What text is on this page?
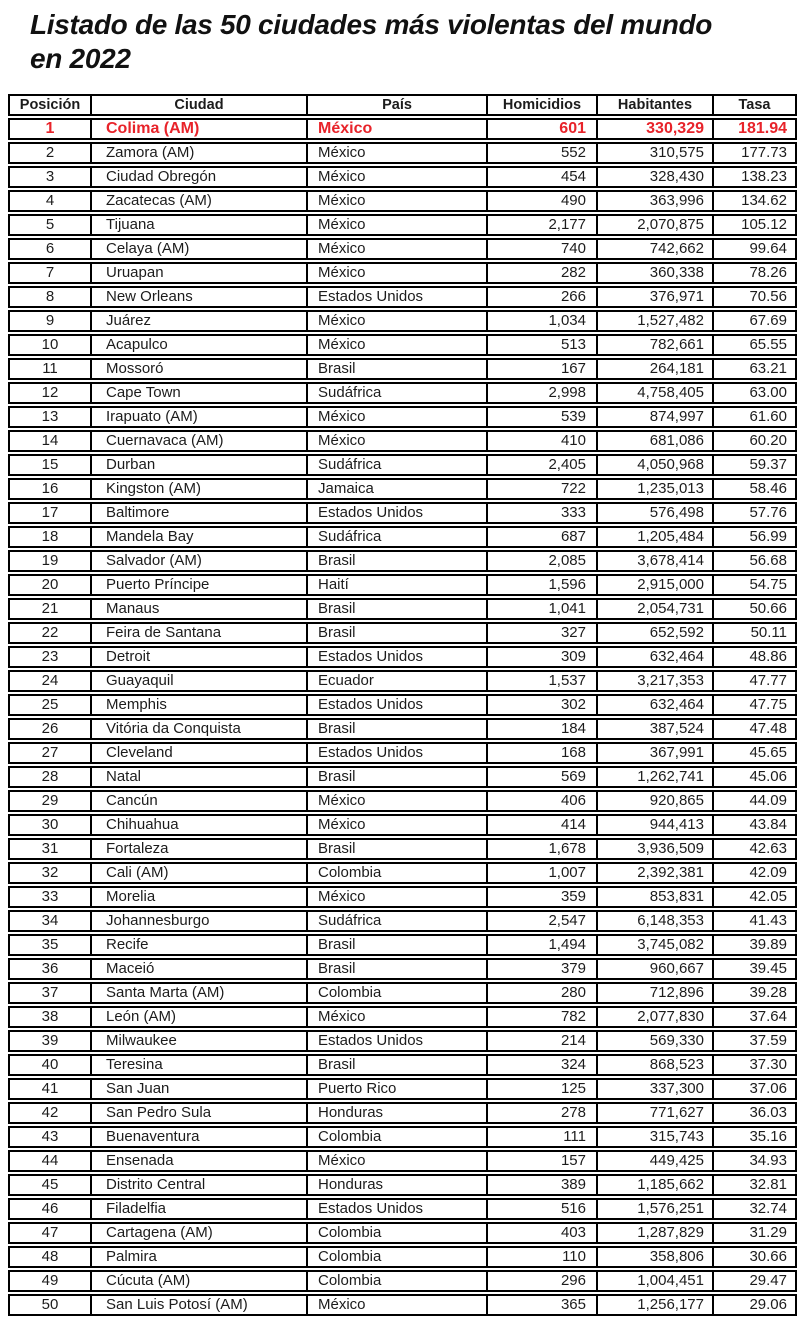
Listado de las 50 ciudades más violentas del mundo
en 2022
Posición	Ciudad	País	Homicidios	Habitantes	Tasa
1	Colima (AM)	México	601	330,329	181.94
2	Zamora (AM)	México	552	310,575	177.73
3	Ciudad Obregón	México	454	328,430	138.23
4	Zacatecas (AM)	México	490	363,996	134.62
5	Tijuana	México	2,177	2,070,875	105.12
6	Celaya (AM)	México	740	742,662	99.64
7	Uruapan	México	282	360,338	78.26
8	New Orleans	Estados Unidos	266	376,971	70.56
9	Juárez	México	1,034	1,527,482	67.69
10	Acapulco	México	513	782,661	65.55
11	Mossoró	Brasil	167	264,181	63.21
12	Cape Town	Sudáfrica	2,998	4,758,405	63.00
13	Irapuato (AM)	México	539	874,997	61.60
14	Cuernavaca (AM)	México	410	681,086	60.20
15	Durban	Sudáfrica	2,405	4,050,968	59.37
16	Kingston (AM)	Jamaica	722	1,235,013	58.46
17	Baltimore	Estados Unidos	333	576,498	57.76
18	Mandela Bay	Sudáfrica	687	1,205,484	56.99
19	Salvador (AM)	Brasil	2,085	3,678,414	56.68
20	Puerto Príncipe	Haití	1,596	2,915,000	54.75
21	Manaus	Brasil	1,041	2,054,731	50.66
22	Feira de Santana	Brasil	327	652,592	50.11
23	Detroit	Estados Unidos	309	632,464	48.86
24	Guayaquil	Ecuador	1,537	3,217,353	47.77
25	Memphis	Estados Unidos	302	632,464	47.75
26	Vitória da Conquista	Brasil	184	387,524	47.48
27	Cleveland	Estados Unidos	168	367,991	45.65
28	Natal	Brasil	569	1,262,741	45.06
29	Cancún	México	406	920,865	44.09
30	Chihuahua	México	414	944,413	43.84
31	Fortaleza	Brasil	1,678	3,936,509	42.63
32	Cali (AM)	Colombia	1,007	2,392,381	42.09
33	Morelia	México	359	853,831	42.05
34	Johannesburgo	Sudáfrica	2,547	6,148,353	41.43
35	Recife	Brasil	1,494	3,745,082	39.89
36	Maceió	Brasil	379	960,667	39.45
37	Santa Marta (AM)	Colombia	280	712,896	39.28
38	León (AM)	México	782	2,077,830	37.64
39	Milwaukee	Estados Unidos	214	569,330	37.59
40	Teresina	Brasil	324	868,523	37.30
41	San Juan	Puerto Rico	125	337,300	37.06
42	San Pedro Sula	Honduras	278	771,627	36.03
43	Buenaventura	Colombia	111	315,743	35.16
44	Ensenada	México	157	449,425	34.93
45	Distrito Central	Honduras	389	1,185,662	32.81
46	Filadelfia	Estados Unidos	516	1,576,251	32.74
47	Cartagena (AM)	Colombia	403	1,287,829	31.29
48	Palmira	Colombia	110	358,806	30.66
49	Cúcuta (AM)	Colombia	296	1,004,451	29.47
50	San Luis Potosí (AM)	México	365	1,256,177	29.06
